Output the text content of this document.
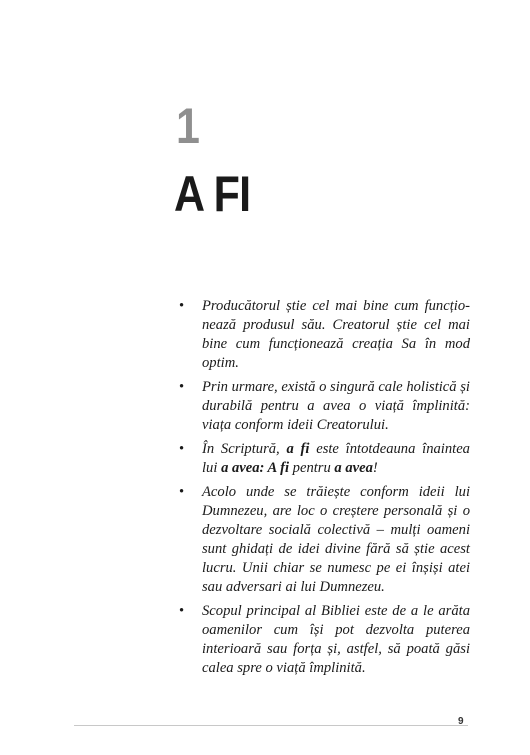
1
A FI
• Producătorul știe cel mai bine cum funcționează produsul său. Creatorul știe cel mai bine cum funcționează creația Sa în mod optim.
• Prin urmare, există o singură cale holistică și durabilă pentru a avea o viață împlinită: viața conform ideii Creatorului.
• În Scriptură, a fi este întotdeauna înaintea lui a avea: A fi pentru a avea!
• Acolo unde se trăiește conform ideii lui Dumnezeu, are loc o creștere personală și o dezvoltare socială colectivă – mulți oameni sunt ghidați de idei divine fără să știe acest lucru. Unii chiar se numesc pe ei înșiși atei sau adversari ai lui Dumnezeu.
• Scopul principal al Bibliei este de a le arăta oamenilor cum își pot dezvolta puterea interioară sau forța și, astfel, să poată găsi calea spre o viață împlinită.
9
